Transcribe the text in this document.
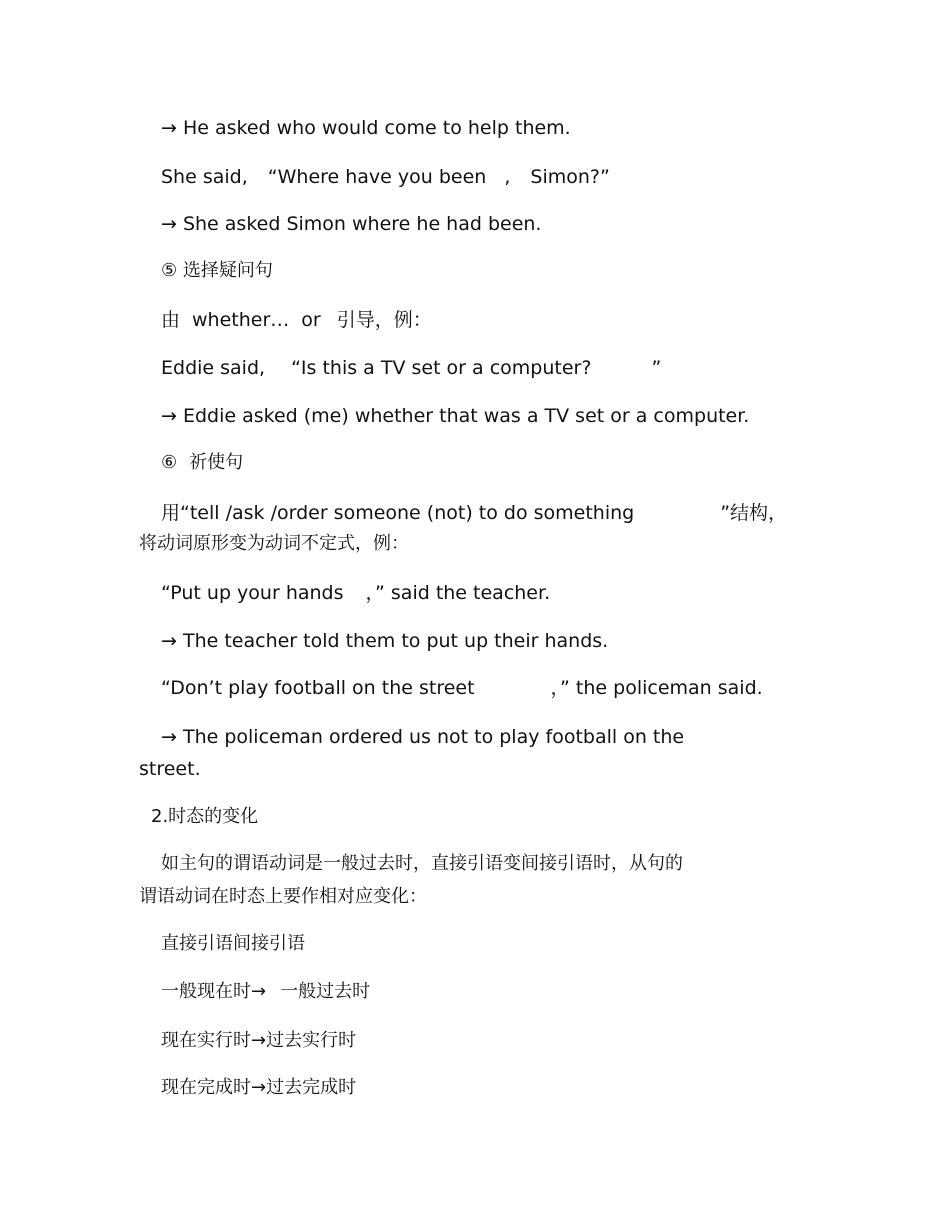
→ He asked who would come to help them.
She said, “Where have you been , Simon?”
→ She asked Simon where he had been.
⑤ 选择疑问句
由 whether… or 引导，例：
Eddie said, “Is this a TV set or a computer?	”
→ Eddie asked (me) whether that was a TV set or a computer.
⑥ 祈使句
用“tell /ask /order someone (not) to do something	”结构，
将动词原形变为动词不定式，例：
“Put up your hands ，” said the teacher.
→ The teacher told them to put up their hands.
“Don’t play football on the street	，” the policeman said.
→ The policeman ordered us not to play football on the
street.
2.时态的变化
如主句的谓语动词是一般过去时，直接引语变间接引语时，从句的
谓语动词在时态上要作相对应变化：
直接引语间接引语
一般现在时→ 一般过去时
现在实行时→过去实行时
现在完成时→过去完成时
